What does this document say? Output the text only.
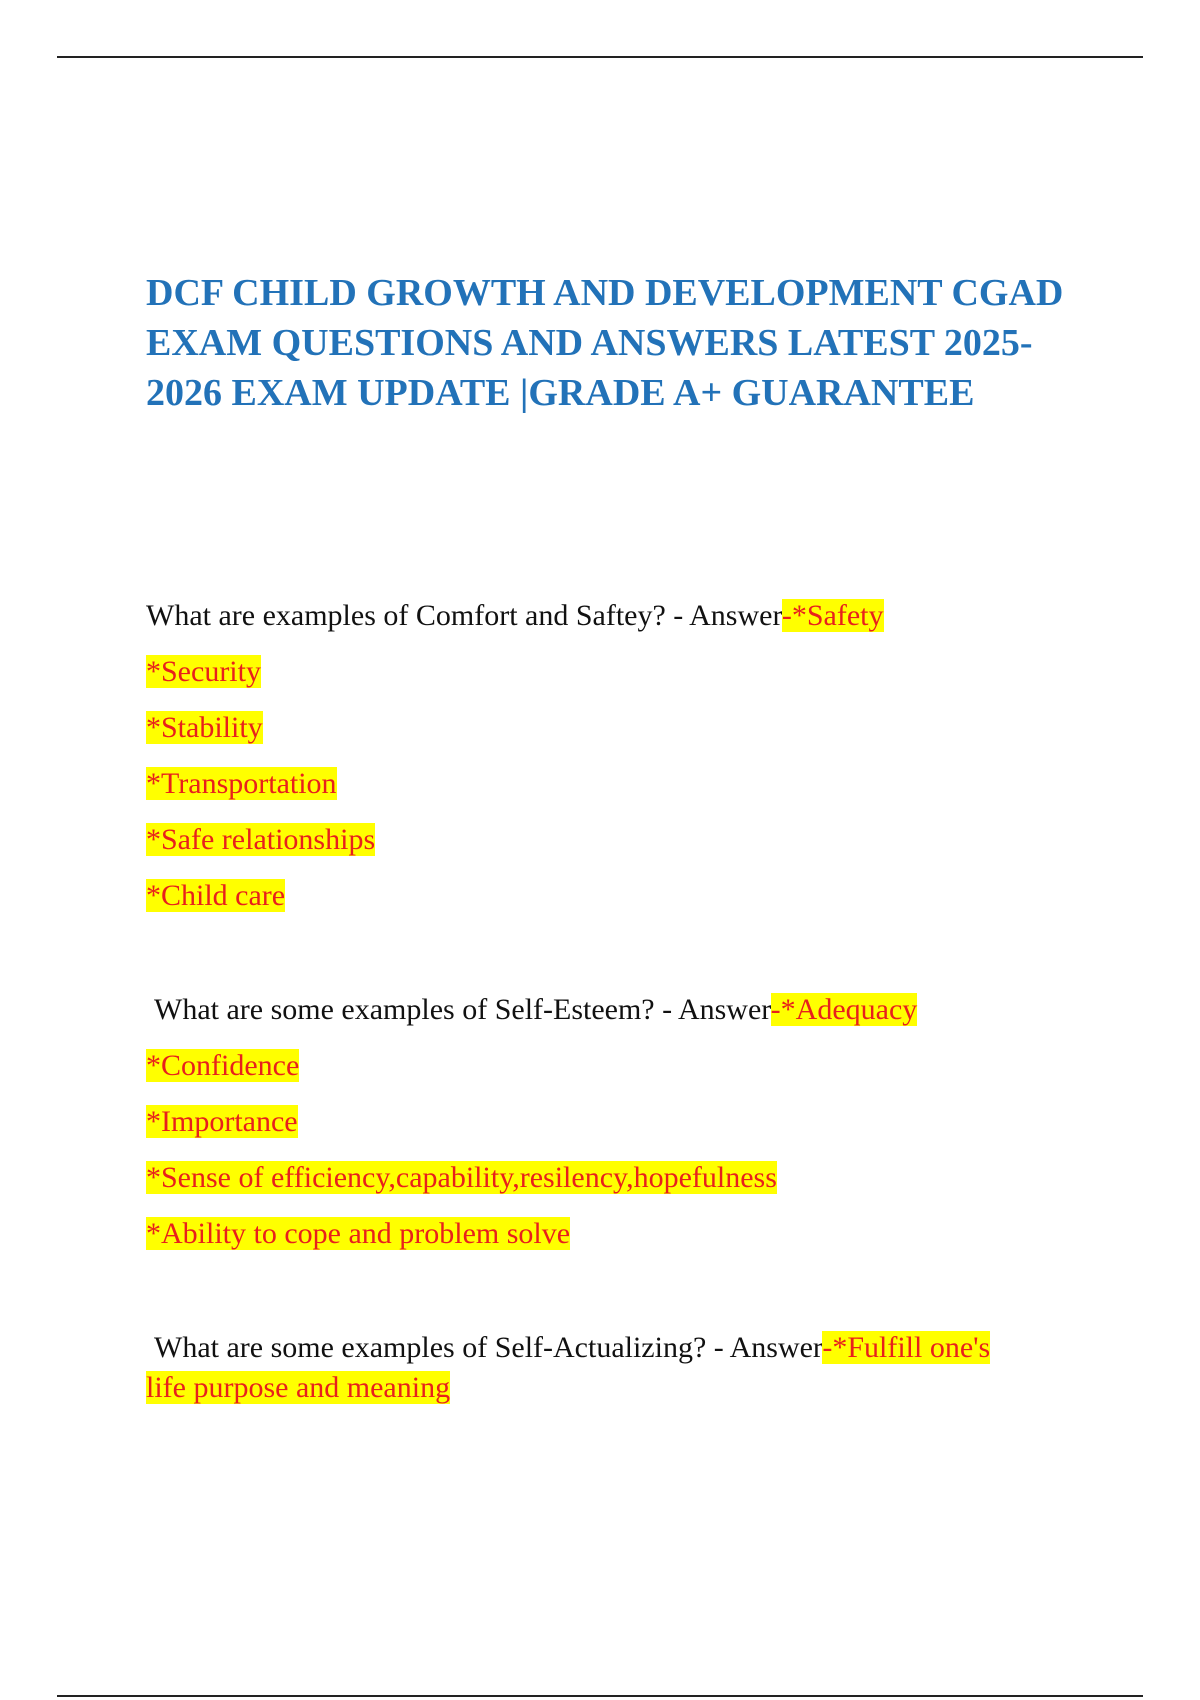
DCF CHILD GROWTH AND DEVELOPMENT CGAD EXAM QUESTIONS AND ANSWERS LATEST 2025-2026 EXAM UPDATE |GRADE A+ GUARANTEE
What are examples of Comfort and Saftey? - Answer-*Safety
*Security
*Stability
*Transportation
*Safe relationships
*Child care
What are some examples of Self-Esteem? - Answer-*Adequacy
*Confidence
*Importance
*Sense of efficiency,capability,resilency,hopefulness
*Ability to cope and problem solve
What are some examples of Self-Actualizing? - Answer-*Fulfill one's
life purpose and meaning
